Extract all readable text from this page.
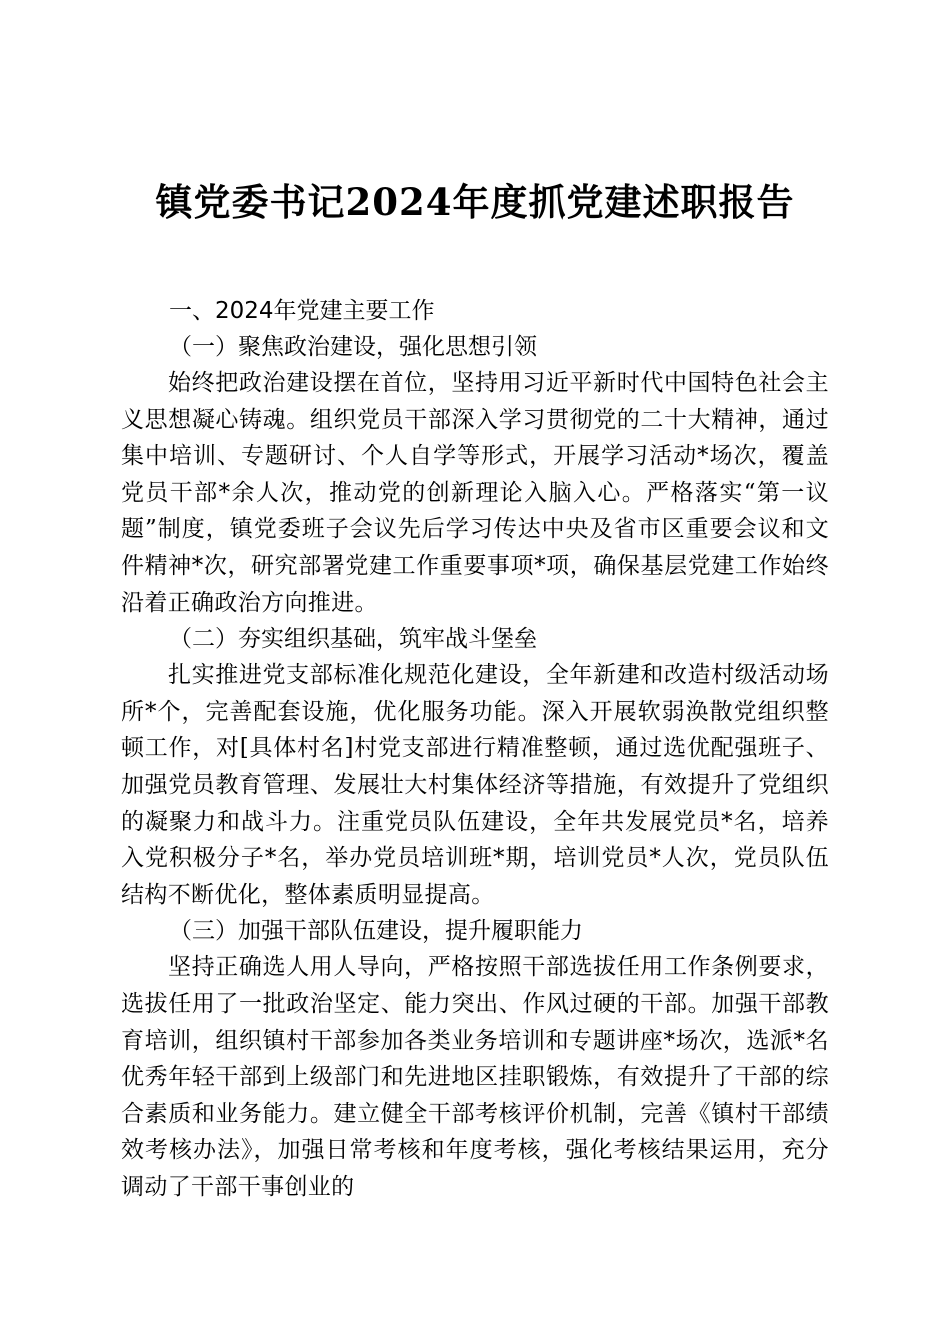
镇党委书记2024年度抓党建述职报告
一、2024年党建主要工作
（一）聚焦政治建设，强化思想引领

始终把政治建设摆在首位，坚持用习近平新时代中国特色社会主义思想凝心铸魂。组织党员干部深入学习贯彻党的二十大精神，通过集中培训、专题研讨、个人自学等形式，开展学习活动*场次，覆盖党员干部*余人次，推动党的创新理论入脑入心。严格落实“第一议题”制度，镇党委班子会议先后学习传达中央及省市区重要会议和文件精神*次，研究部署党建工作重要事项*项，确保基层党建工作始终沿着正确政治方向推进。

（二）夯实组织基础，筑牢战斗堡垒

扎实推进党支部标准化规范化建设，全年新建和改造村级活动场所*个，完善配套设施，优化服务功能。深入开展软弱涣散党组织整顿工作，对[具体村名]村党支部进行精准整顿，通过选优配强班子、加强党员教育管理、发展壮大村集体经济等措施，有效提升了党组织的凝聚力和战斗力。注重党员队伍建设，全年共发展党员*名，培养入党积极分子*名，举办党员培训班*期，培训党员*人次，党员队伍结构不断优化，整体素质明显提高。

（三）加强干部队伍建设，提升履职能力

坚持正确选人用人导向，严格按照干部选拔任用工作条例要求，选拔任用了一批政治坚定、能力突出、作风过硬的干部。加强干部教育培训，组织镇村干部参加各类业务培训和专题讲座*场次，选派*名优秀年轻干部到上级部门和先进地区挂职锻炼，有效提升了干部的综合素质和业务能力。建立健全干部考核评价机制，完善《镇村干部绩效考核办法》，加强日常考核和年度考核，强化考核结果运用，充分调动了干部干事创业的
